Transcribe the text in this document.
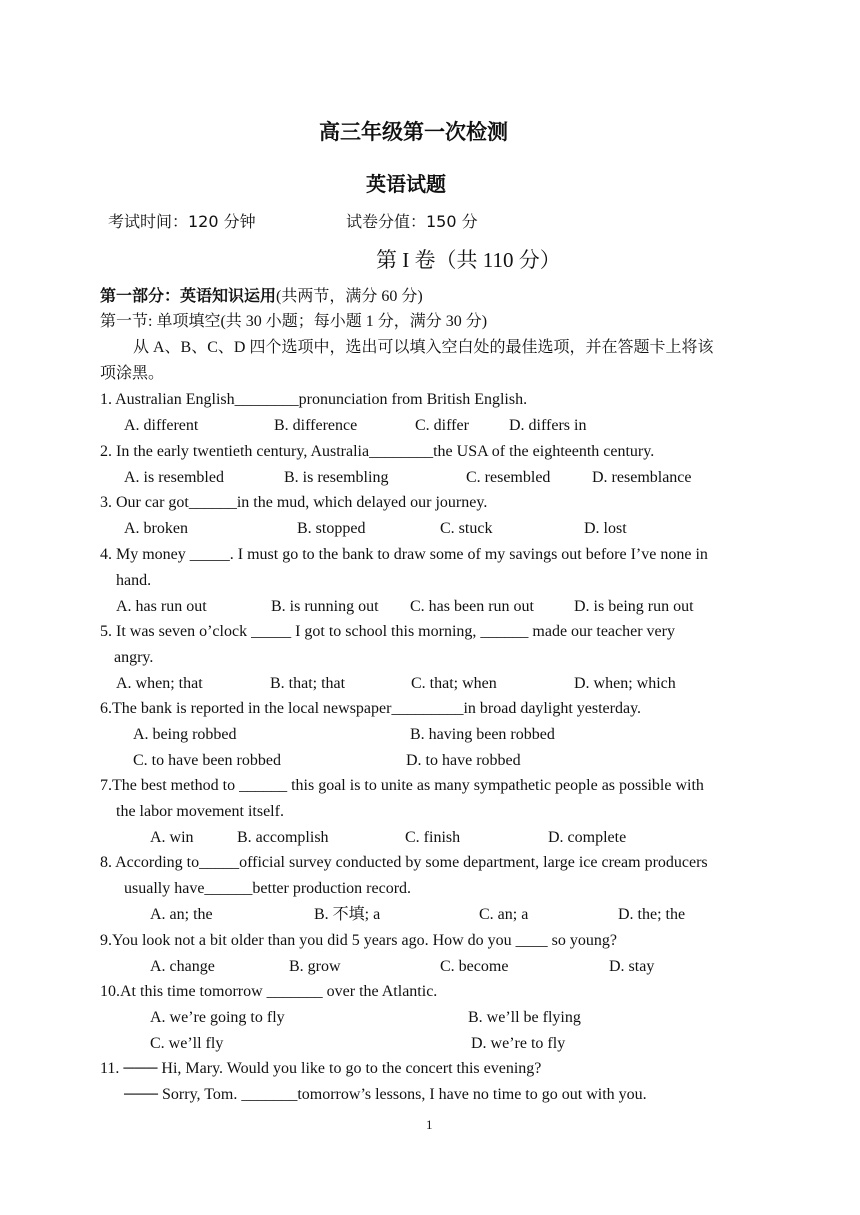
高三年级第一次检测
英语试题
考试时间：120 分钟	试卷分值：150 分
第 I 卷（共 110 分）
第一部分：英语知识运用(共两节，满分 60 分)
第一节: 单项填空(共 30 小题；每小题 1 分，满分 30 分)
从 A、B、C、D 四个选项中，选出可以填入空白处的最佳选项，并在答题卡上将该
项涂黑。
1. Australian English________pronunciation from British English.
A. different	B. difference	C. differ	D. differs in
2. In the early twentieth century, Australia________the USA of the eighteenth century.
A. is resembled	B. is resembling	C. resembled	D. resemblance
3. Our car got______in the mud, which delayed our journey.
A. broken	B. stopped	C. stuck	D. lost
4. My money _____. I must go to the bank to draw some of my savings out before I’ve none in
hand.
A. has run out	B. is running out C. has been run out	D. is being run out
5. It was seven o’clock _____ I got to school this morning, ______ made our teacher very
angry.
A. when; that	B. that; that	C. that; when	D. when; which
6.The bank is reported in the local newspaper_________in broad daylight yesterday.
A. being robbed	B. having been robbed
C. to have been robbed	D. to have robbed
7.The best method to ______ this goal is to unite as many sympathetic people as possible with
the labor movement itself.
A. win	B. accomplish	C. finish	D. complete
8. According to_____official survey conducted by some department, large ice cream producers
usually have______better production record.
A. an; the	B. 不填; a	C. an; a	D. the; the
9.You look not a bit older than you did 5 years ago. How do you ____ so young?
A. change	B. grow	C. become	D. stay
10.At this time tomorrow _______ over the Atlantic.
A. we’re going to fly	B. we’ll be flying
C. we’ll fly	D. we’re to fly
11. ─── Hi, Mary. Would you like to go to the concert this evening?
─── Sorry, Tom. _______tomorrow’s lessons, I have no time to go out with you.
1
